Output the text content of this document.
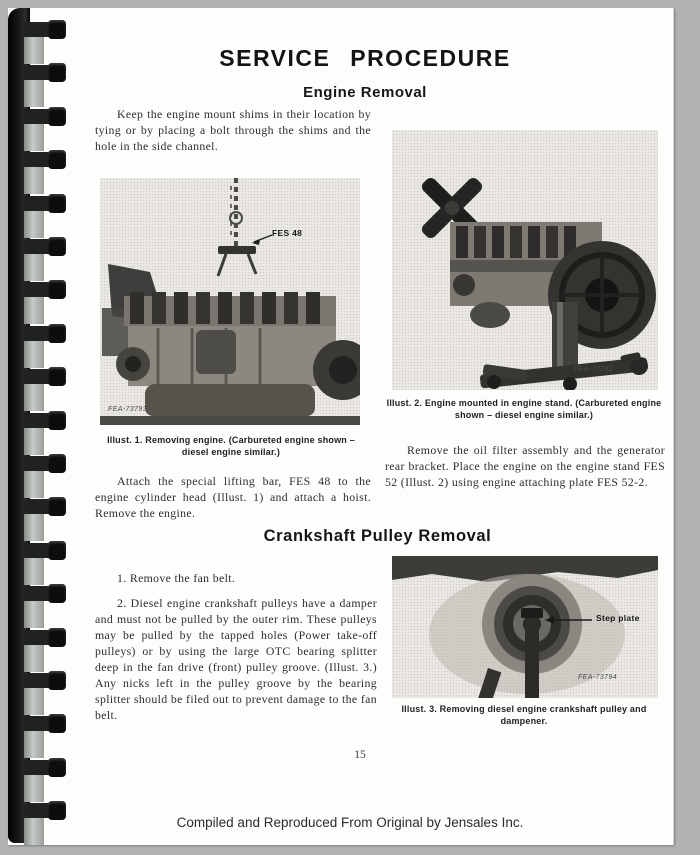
SERVICE PROCEDURE
Engine Removal
Keep the engine mount shims in their location by tying or by placing a bolt through the shims and the hole in the side channel.
FES 48
FEA-73793
Illust. 1. Removing engine. (Carbureted engine shown – diesel engine similar.)
Attach the special lifting bar, FES 48 to the engine cylinder head (Illust. 1) and attach a hoist. Remove the engine.
FEA-73792
Illust. 2. Engine mounted in engine stand. (Carbureted engine shown – diesel engine similar.)
Remove the oil filter assembly and the generator rear bracket. Place the engine on the engine stand FES 52 (Illust. 2) using engine attaching plate FES 52-2.
Crankshaft Pulley Removal
1. Remove the fan belt.
2. Diesel engine crankshaft pulleys have a damper and must not be pulled by the outer rim. These pulleys may be pulled by the tapped holes (Power take-off pulleys) or by using the large OTC bearing splitter deep in the fan drive (front) pulley groove. (Illust. 3.) Any nicks left in the pulley groove by the bearing splitter should be filed out to prevent damage to the fan belt.
Step plate
FEA-73794
Illust. 3. Removing diesel engine crankshaft pulley and dampener.
15
Compiled and Reproduced From Original by Jensales Inc.
